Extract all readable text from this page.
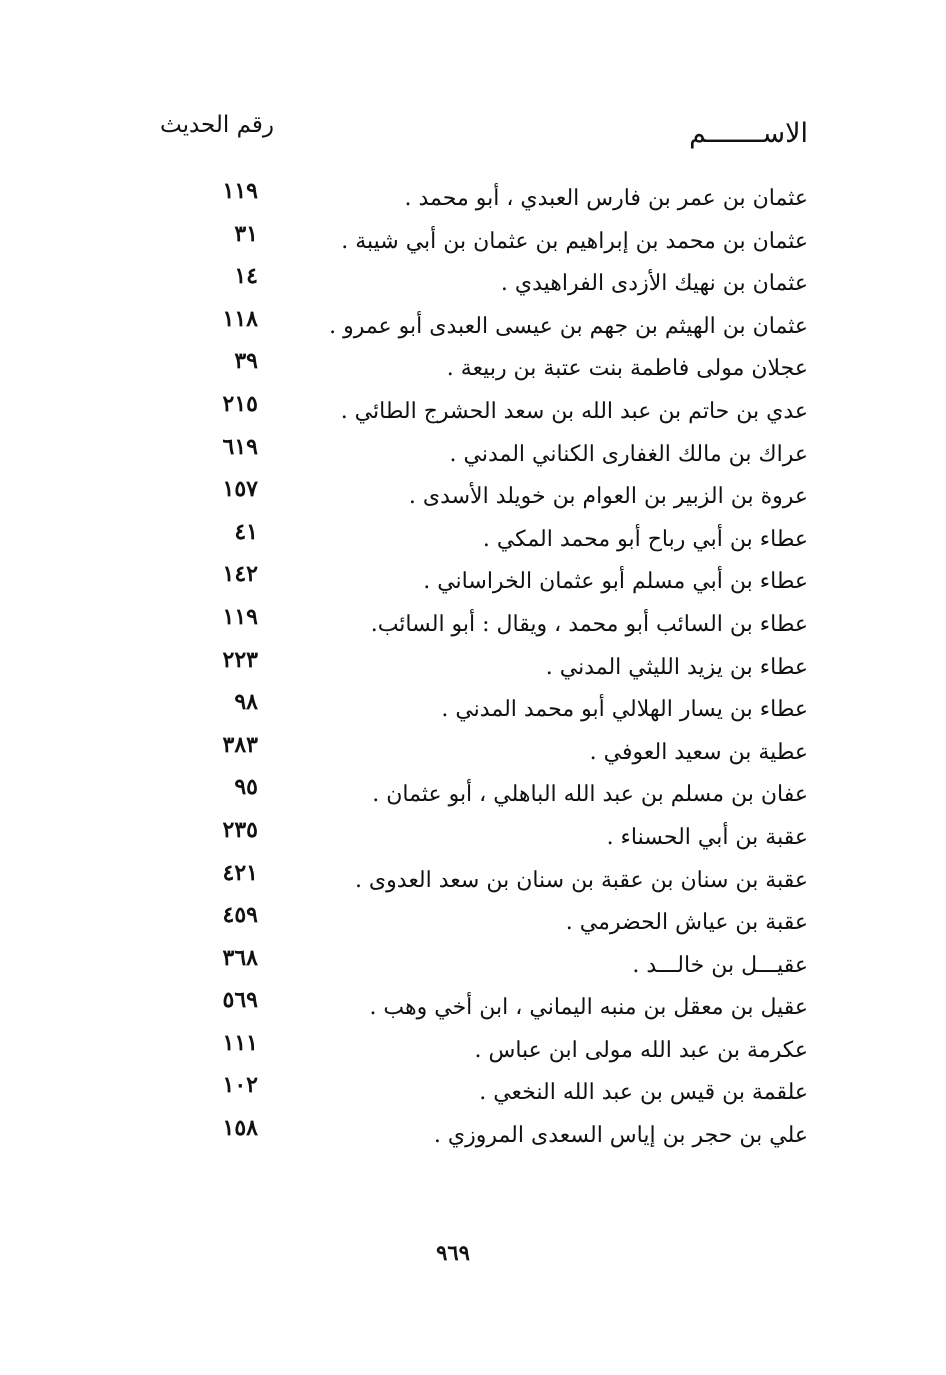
الاســـــــم
رقم الحديث
عثمان بن عمر بن فارس العبدي ، أبو محمد .
١١٩
عثمان بن محمد بن إبراهيم بن عثمان بن أبي شيبة .
٣١
عثمان بن نهيك الأزدى الفراهيدي .
١٤
عثمان بن الهيثم بن جهم بن عيسى العبدى أبو عمرو .
١١٨
عجلان مولى فاطمة بنت عتبة بن ربيعة .
٣٩
عدي بن حاتم بن عبد الله بن سعد الحشرج الطائي .
٢١٥
عراك بن مالك الغفارى الكناني المدني .
٦١٩
عروة بن الزبير بن العوام بن خويلد الأسدى .
١٥٧
عطاء بن أبي رباح أبو محمد المكي .
٤١
عطاء بن أبي مسلم أبو عثمان الخراساني .
١٤٢
عطاء بن السائب أبو محمد ، ويقال : أبو السائب.
١١٩
عطاء بن يزيد الليثي المدني .
٢٢٣
عطاء بن يسار الهلالي أبو محمد المدني .
٩٨
عطية بن سعيد العوفي .
٣٨٣
عفان بن مسلم بن عبد الله الباهلي ، أبو عثمان .
٩٥
عقبة بن أبي الحسناء .
٢٣٥
عقبة بن سنان بن عقبة بن سنان بن سعد العدوى .
٤٢١
عقبة بن عياش الحضرمي .
٤٥٩
عقيـــل بن خالـــد .
٣٦٨
عقيل بن معقل بن منبه اليماني ، ابن أخي وهب .
٥٦٩
عكرمة بن عبد الله مولى ابن عباس .
١١١
علقمة بن قيس بن عبد الله النخعي .
١٠٢
علي بن حجر بن إياس السعدى المروزي .
١٥٨
٩٦٩
